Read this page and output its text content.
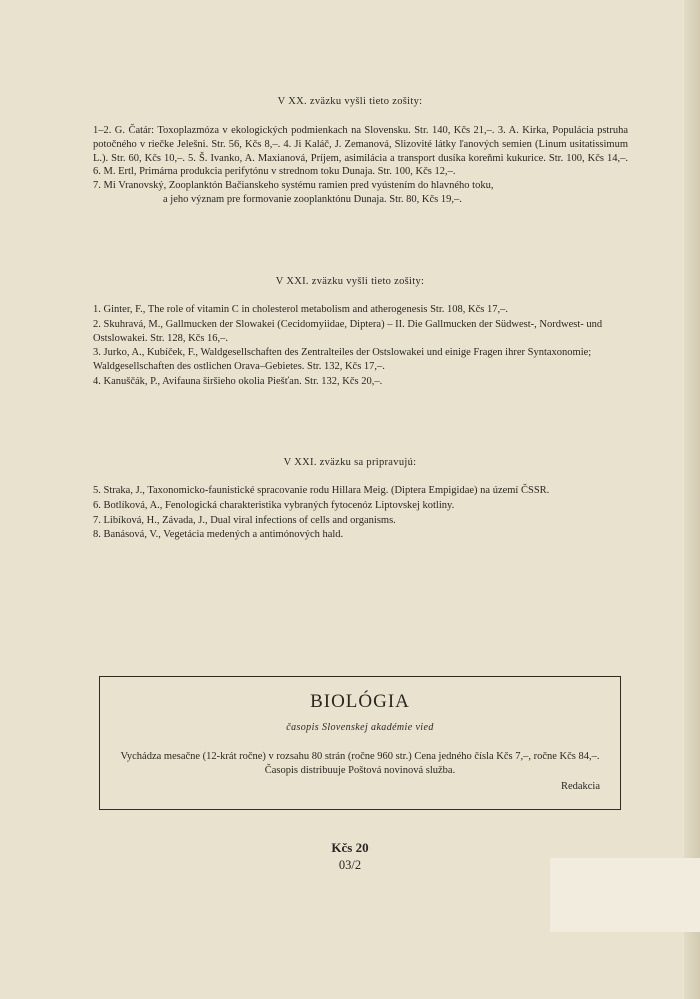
V XX. zväzku vyšli tieto zošity:
1–2. G. Čatár: Toxoplazmóza v ekologických podmienkach na Slovensku. Str. 140, Kčs 21,–. 3. A. Kirka, Populácia pstruha potočného v riečke Jelešni. Str. 56, Kčs 8,–. 4. Ji Kaláč, J. Zemanová, Slizovité látky ľanových semien (Linum usitatissimum L.). Str. 60, Kčs 10,–. 5. Š. Ivanko, A. Maxianová, Príjem, asimilácia a transport dusíka koreňmi kukurice. Str. 100, Kčs 14,–. 6. M. Ertl, Primárna produkcia perifytónu v strednom toku Dunaja. Str. 100, Kčs 12,–.
7. Mi Vranovský, Zooplanktón Bačianskeho systému ramien pred vyústením do hlavného toku,
a jeho význam pre formovanie zooplanktónu Dunaja. Str. 80, Kčs 19,–.
V XXI. zväzku vyšli tieto zošity:
1. Ginter, F., The role of vitamin C in cholesterol metabolism and atherogenesis Str. 108, Kčs 17,–.
2. Skuhravá, M., Gallmucken der Slowakei (Cecidomyiidae, Diptera) – II. Die Gallmucken der Südwest-, Nordwest- und Ostslowakei. Str. 128, Kčs 16,–.
3. Jurko, A., Kubíček, F., Waldgesellschaften des Zentralteiles der Ostslowakei und einige Fragen ihrer Syntaxonomie; Waldgesellschaften des ostlichen Orava–Gebietes. Str. 132, Kčs 17,–.
4. Kanuščák, P., Avifauna širšieho okolia Piešťan. Str. 132, Kčs 20,–.
V XXI. zväzku sa pripravujú:
5. Straka, J., Taxonomicko-faunistické spracovanie rodu Hillara Meig. (Diptera Empigidae) na území ČSSR.
6. Botlíková, A., Fenologická charakteristika vybraných fytocenóz Liptovskej kotliny.
7. Libíková, H., Závada, J., Dual viral infections of cells and organisms.
8. Banásová, V., Vegetácia medených a antimónových hald.
BIOLÓGIA
časopis Slovenskej akadémie vied
Vychádza mesačne (12-krát ročne) v rozsahu 80 strán (ročne 960 str.) Cena jedného čísla Kčs 7,–, ročne Kčs 84,–. Časopis distribuuje Poštová novinová služba.
Redakcia
Kčs 20
03/2
